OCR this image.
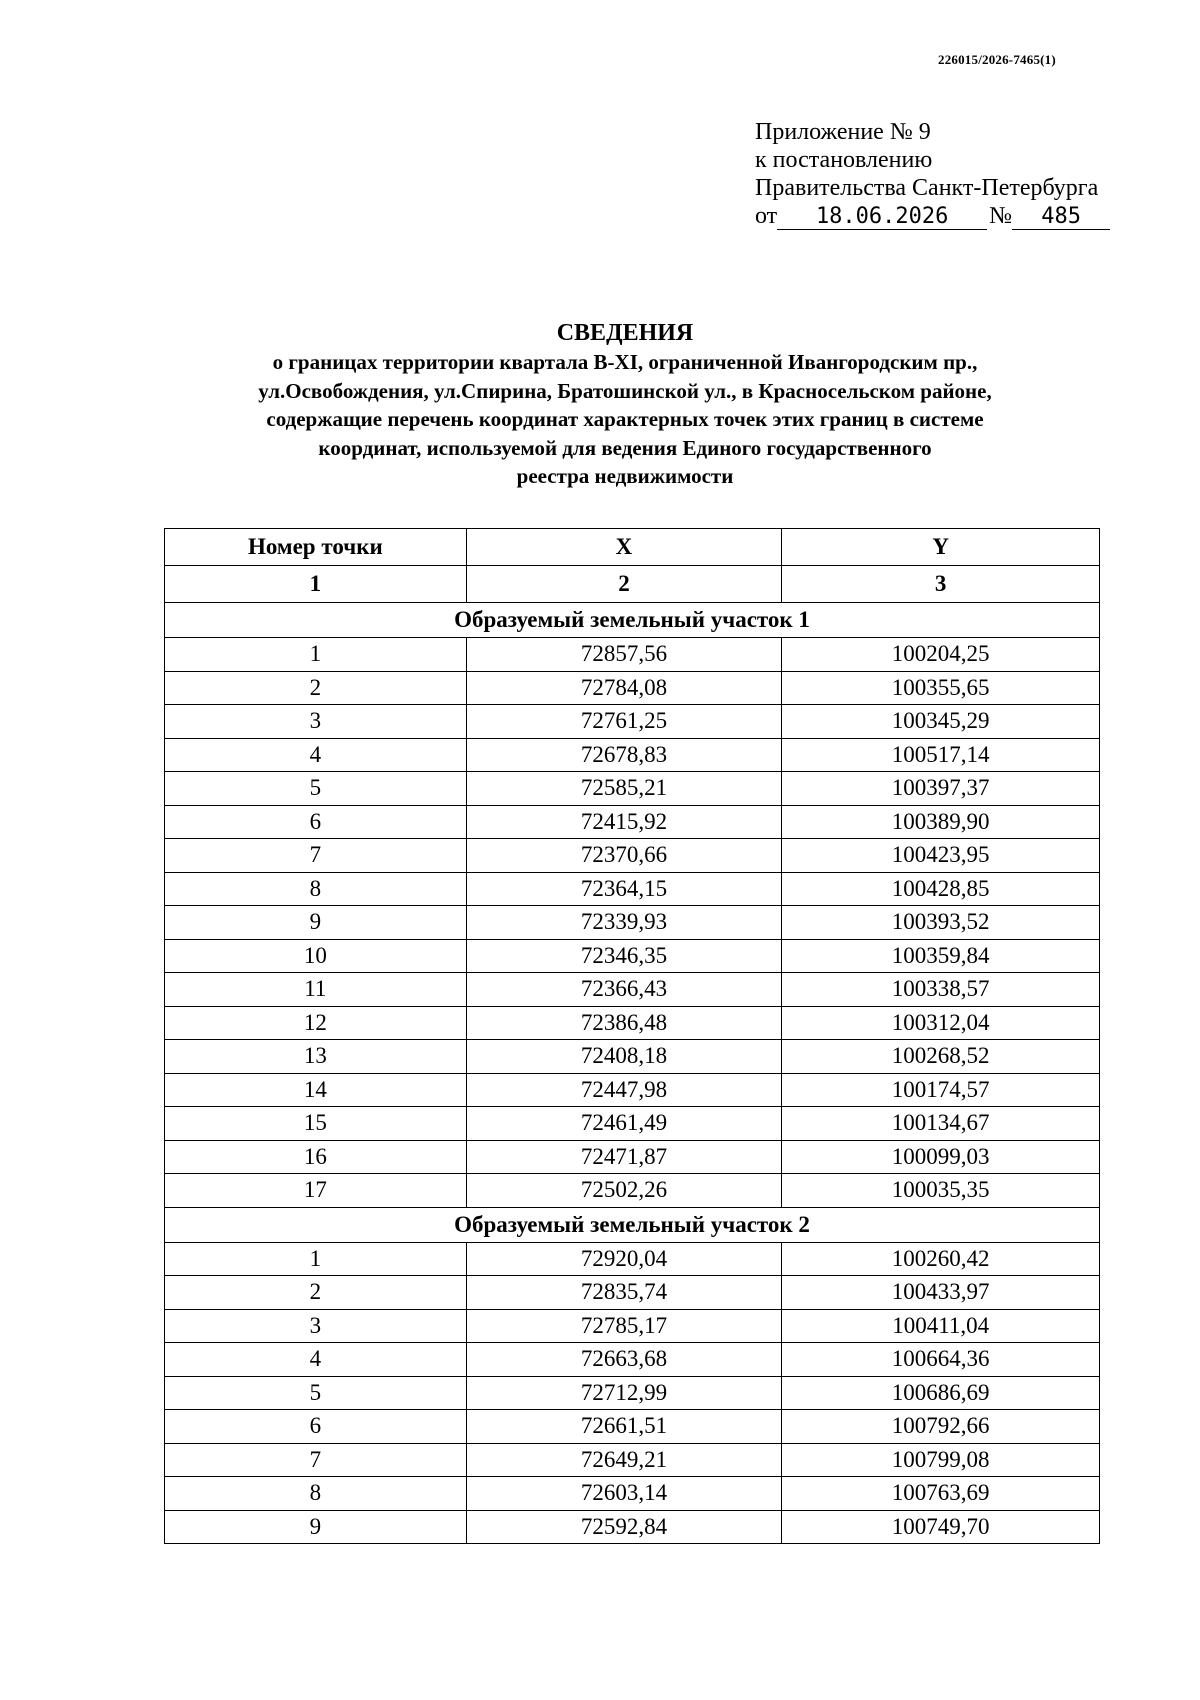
226015/2026-7465(1)
Приложение № 9
к постановлению
Правительства Санкт-Петербурга
от	18.06.2026	№	485
СВЕДЕНИЯ
о границах территории квартала В-XI, ограниченной Ивангородским пр.,
ул.Освобождения, ул.Спирина, Братошинской ул., в Красносельском районе,
содержащие перечень координат характерных точек этих границ в системе
координат, используемой для ведения Единого государственного
реестра недвижимости
Номер точки	X	Y
1	2	3
Образуемый земельный участок 1		
1	72857,56	100204,25
2	72784,08	100355,65
3	72761,25	100345,29
4	72678,83	100517,14
5	72585,21	100397,37
6	72415,92	100389,90
7	72370,66	100423,95
8	72364,15	100428,85
9	72339,93	100393,52
10	72346,35	100359,84
11	72366,43	100338,57
12	72386,48	100312,04
13	72408,18	100268,52
14	72447,98	100174,57
15	72461,49	100134,67
16	72471,87	100099,03
17	72502,26	100035,35
Образуемый земельный участок 2		
1	72920,04	100260,42
2	72835,74	100433,97
3	72785,17	100411,04
4	72663,68	100664,36
5	72712,99	100686,69
6	72661,51	100792,66
7	72649,21	100799,08
8	72603,14	100763,69
9	72592,84	100749,70
